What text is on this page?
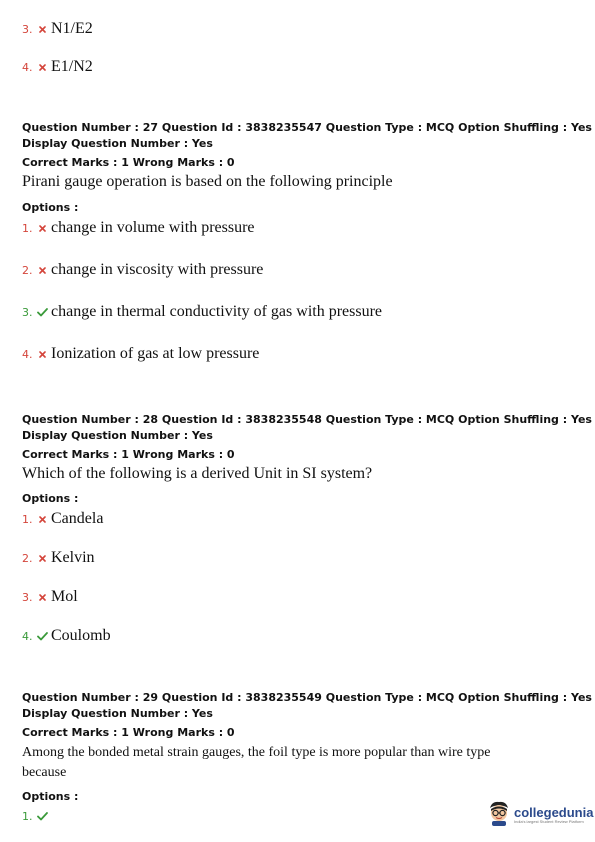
3. N1/E2
4. E1/N2
Question Number : 27 Question Id : 3838235547 Question Type : MCQ Option Shuffling : Yes
Display Question Number : Yes
Correct Marks : 1 Wrong Marks : 0
Pirani gauge operation is based on the following principle
Options :
1. change in volume with pressure
2. change in viscosity with pressure
3. change in thermal conductivity of gas with pressure
4. Ionization of gas at low pressure
Question Number : 28 Question Id : 3838235548 Question Type : MCQ Option Shuffling : Yes
Display Question Number : Yes
Correct Marks : 1 Wrong Marks : 0
Which of the following is a derived Unit in SI system?
Options :
1. Candela
2. Kelvin
3. Mol
4. Coulomb
Question Number : 29 Question Id : 3838235549 Question Type : MCQ Option Shuffling : Yes
Display Question Number : Yes
Correct Marks : 1 Wrong Marks : 0
Among the bonded metal strain gauges, the foil type is more popular than wire type
because
Options :
1.	collegedunia
India's largest Student Review Platform
